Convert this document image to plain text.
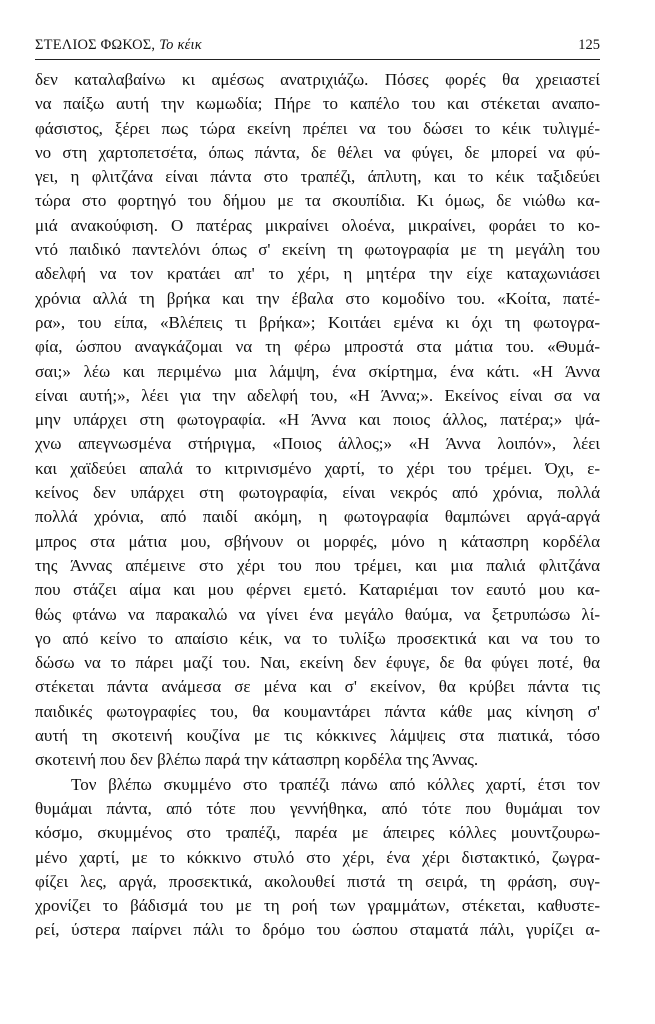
ΣΤΕΛΙΟΣ ΦΩΚΟΣ, Το κέικ	125
δεν καταλαβαίνω κι αμέσως ανατριχιάζω. Πόσες φορές θα χρειαστεί
να παίξω αυτή την κωμωδία; Πήρε το καπέλο του και στέκεται αναπο-
φάσιστος, ξέρει πως τώρα εκείνη πρέπει να του δώσει το κέικ τυλιγμέ-
νο στη χαρτοπετσέτα, όπως πάντα, δε θέλει να φύγει, δε μπορεί να φύ-
γει, η φλιτζάνα είναι πάντα στο τραπέζι, άπλυτη, και το κέικ ταξιδεύει
τώρα στο φορτηγό του δήμου με τα σκουπίδια. Κι όμως, δε νιώθω κα-
μιά ανακούφιση. Ο πατέρας μικραίνει ολοένα, μικραίνει, φοράει το κο-
ντό παιδικό παντελόνι όπως σ' εκείνη τη φωτογραφία με τη μεγάλη του
αδελφή να τον κρατάει απ' το χέρι, η μητέρα την είχε καταχωνιάσει
χρόνια αλλά τη βρήκα και την έβαλα στο κομοδίνο του. «Κοίτα, πατέ-
ρα», του είπα, «Βλέπεις τι βρήκα»; Κοιτάει εμένα κι όχι τη φωτογρα-
φία, ώσπου αναγκάζομαι να τη φέρω μπροστά στα μάτια του. «Θυμά-
σαι;» λέω και περιμένω μια λάμψη, ένα σκίρτημα, ένα κάτι. «Η Άννα
είναι αυτή;», λέει για την αδελφή του, «Η Άννα;». Εκείνος είναι σα να
μην υπάρχει στη φωτογραφία. «Η Άννα και ποιος άλλος, πατέρα;» ψά-
χνω απεγνωσμένα στήριγμα, «Ποιος άλλος;» «Η Άννα λοιπόν», λέει
και χαϊδεύει απαλά το κιτρινισμένο χαρτί, το χέρι του τρέμει. Όχι, ε-
κείνος δεν υπάρχει στη φωτογραφία, είναι νεκρός από χρόνια, πολλά
πολλά χρόνια, από παιδί ακόμη, η φωτογραφία θαμπώνει αργά-αργά
μπρος στα μάτια μου, σβήνουν οι μορφές, μόνο η κάτασπρη κορδέλα
της Άννας απέμεινε στο χέρι του που τρέμει, και μια παλιά φλιτζάνα
που στάζει αίμα και μου φέρνει εμετό. Καταριέμαι τον εαυτό μου κα-
θώς φτάνω να παρακαλώ να γίνει ένα μεγάλο θαύμα, να ξετρυπώσω λί-
γο από κείνο το απαίσιο κέικ, να το τυλίξω προσεκτικά και να του το
δώσω να το πάρει μαζί του. Ναι, εκείνη δεν έφυγε, δε θα φύγει ποτέ, θα
στέκεται πάντα ανάμεσα σε μένα και σ' εκείνον, θα κρύβει πάντα τις
παιδικές φωτογραφίες του, θα κουμαντάρει πάντα κάθε μας κίνηση σ'
αυτή τη σκοτεινή κουζίνα με τις κόκκινες λάμψεις στα πιατικά, τόσο
σκοτεινή που δεν βλέπω παρά την κάτασπρη κορδέλα της Άννας.
Τον βλέπω σκυμμένο στο τραπέζι πάνω από κόλλες χαρτί, έτσι τον
θυμάμαι πάντα, από τότε που γεννήθηκα, από τότε που θυμάμαι τον
κόσμο, σκυμμένος στο τραπέζι, παρέα με άπειρες κόλλες μουντζουρω-
μένο χαρτί, με το κόκκινο στυλό στο χέρι, ένα χέρι διστακτικό, ζωγρα-
φίζει λες, αργά, προσεκτικά, ακολουθεί πιστά τη σειρά, τη φράση, συγ-
χρονίζει το βάδισμά του με τη ροή των γραμμάτων, στέκεται, καθυστε-
ρεί, ύστερα παίρνει πάλι το δρόμο του ώσπου σταματά πάλι, γυρίζει α-
